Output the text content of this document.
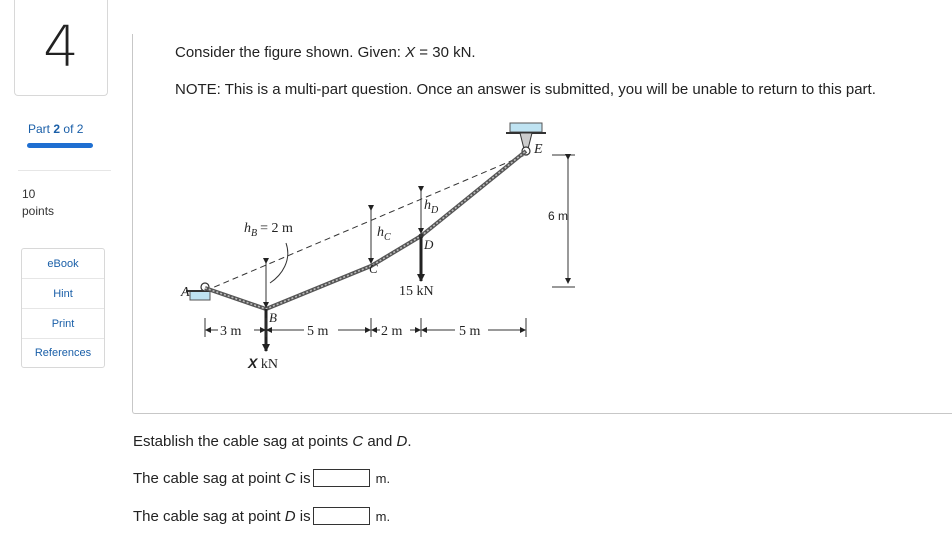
4
Part 2 of 2
10
points
eBook
Hint
Print
References
Consider the figure shown. Given: X = 30 kN.
NOTE: This is a multi-part question. Once an answer is submitted, you will be unable to return to this part.
E
A
$h_B = 2$ m
B
X kN
$h_C$
C
$h_D$
D
15 kN
3 m	5 m	2 m	5 m
6 m
Establish the cable sag at points C and D.
The cable sag at point
C
is	m.
The cable sag at point
D
is	m.
